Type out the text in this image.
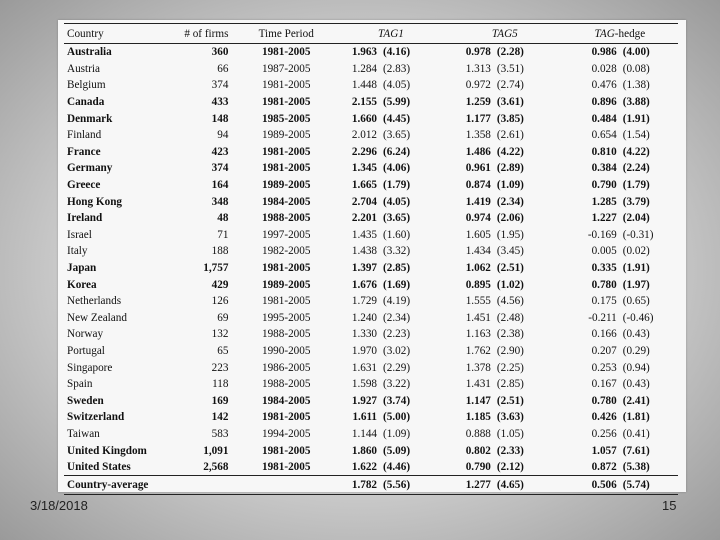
Country	# of firms	Time Period	TAG1	TAG5	TAG-hedge
Australia	360	1981-2005	1.963 (4.16)	0.978 (2.28)	0.986 (4.00)
Austria	66	1987-2005	1.284 (2.83)	1.313 (3.51)	0.028 (0.08)
Belgium	374	1981-2005	1.448 (4.05)	0.972 (2.74)	0.476 (1.38)
Canada	433	1981-2005	2.155 (5.99)	1.259 (3.61)	0.896 (3.88)
Denmark	148	1985-2005	1.660 (4.45)	1.177 (3.85)	0.484 (1.91)
Finland	94	1989-2005	2.012 (3.65)	1.358 (2.61)	0.654 (1.54)
France	423	1981-2005	2.296 (6.24)	1.486 (4.22)	0.810 (4.22)
Germany	374	1981-2005	1.345 (4.06)	0.961 (2.89)	0.384 (2.24)
Greece	164	1989-2005	1.665 (1.79)	0.874 (1.09)	0.790 (1.79)
Hong Kong	348	1984-2005	2.704 (4.05)	1.419 (2.34)	1.285 (3.79)
Ireland	48	1988-2005	2.201 (3.65)	0.974 (2.06)	1.227 (2.04)
Israel	71	1997-2005	1.435 (1.60)	1.605 (1.95)	-0.169 (-0.31)
Italy	188	1982-2005	1.438 (3.32)	1.434 (3.45)	0.005 (0.02)
Japan	1,757	1981-2005	1.397 (2.85)	1.062 (2.51)	0.335 (1.91)
Korea	429	1989-2005	1.676 (1.69)	0.895 (1.02)	0.780 (1.97)
Netherlands	126	1981-2005	1.729 (4.19)	1.555 (4.56)	0.175 (0.65)
New Zealand	69	1995-2005	1.240 (2.34)	1.451 (2.48)	-0.211 (-0.46)
Norway	132	1988-2005	1.330 (2.23)	1.163 (2.38)	0.166 (0.43)
Portugal	65	1990-2005	1.970 (3.02)	1.762 (2.90)	0.207 (0.29)
Singapore	223	1986-2005	1.631 (2.29)	1.378 (2.25)	0.253 (0.94)
Spain	118	1988-2005	1.598 (3.22)	1.431 (2.85)	0.167 (0.43)
Sweden	169	1984-2005	1.927 (3.74)	1.147 (2.51)	0.780 (2.41)
Switzerland	142	1981-2005	1.611 (5.00)	1.185 (3.63)	0.426 (1.81)
Taiwan	583	1994-2005	1.144 (1.09)	0.888 (1.05)	0.256 (0.41)
United Kingdom	1,091	1981-2005	1.860 (5.09)	0.802 (2.33)	1.057 (7.61)
United States	2,568	1981-2005	1.622 (4.46)	0.790 (2.12)	0.872 (5.38)
Country-average			1.782 (5.56)	1.277 (4.65)	0.506 (5.74)
3/18/2018	15
